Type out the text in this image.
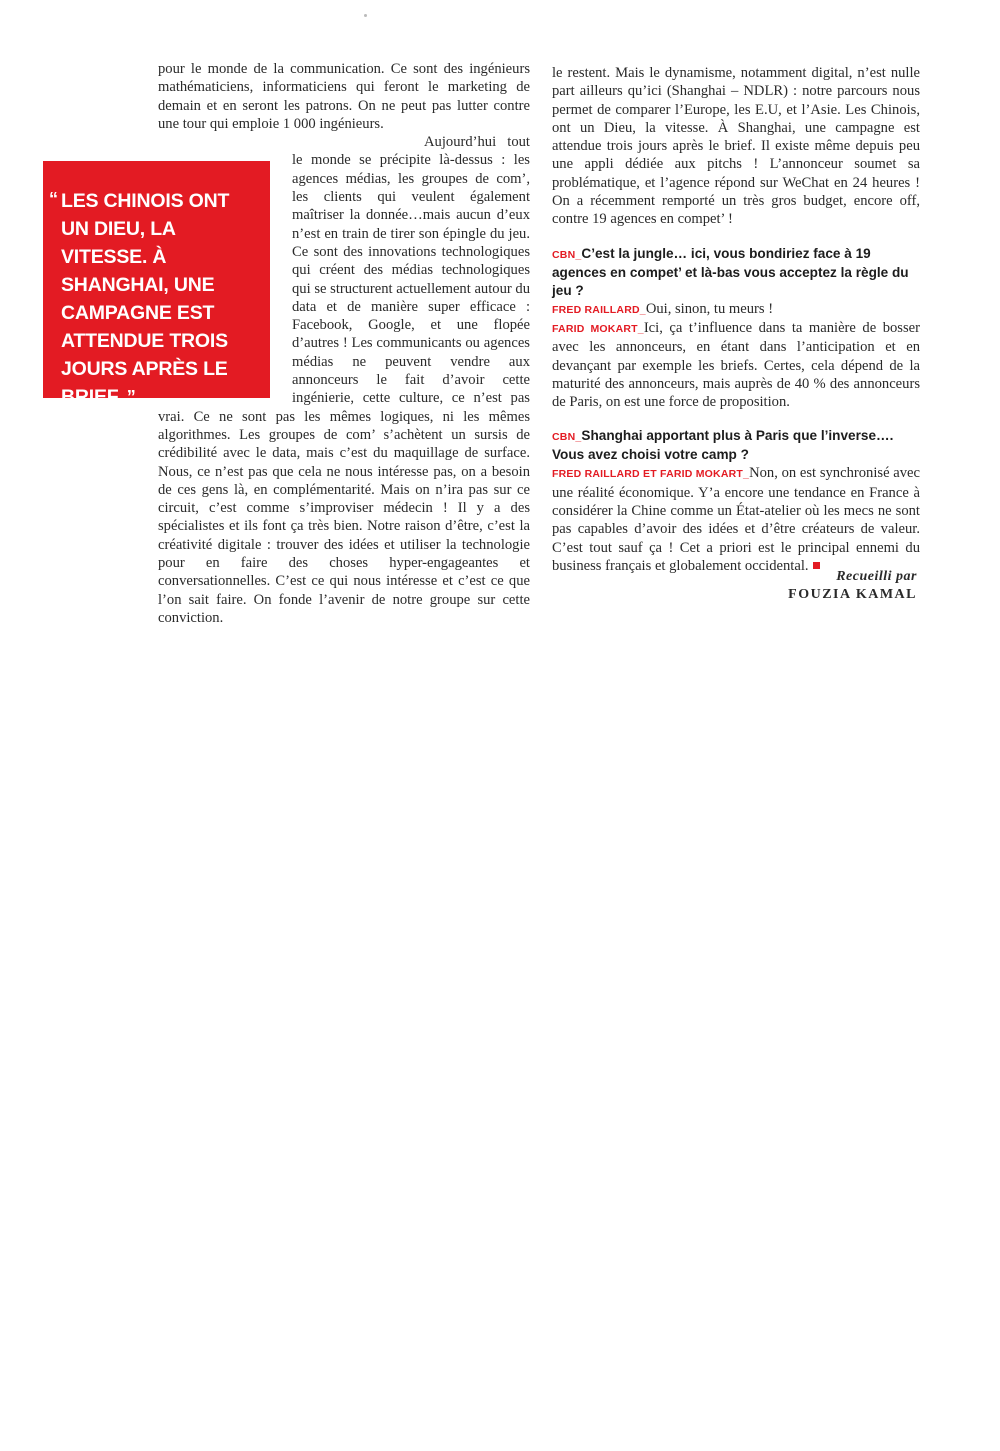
“ LES CHINOIS ONT UN DIEU, LA VITESSE. À SHANGHAI, UNE CAMPAGNE EST ATTENDUE TROIS JOURS APRÈS LE BRIEF. ”

pour le monde de la communication. Ce sont des ingénieurs mathématiciens, informaticiens qui feront le marketing de demain et en seront les patrons. On ne peut pas lutter contre une tour qui emploie 1 000 ingénieurs.

Aujourd’hui tout le monde se précipite là-dessus : les agences médias, les groupes de com’, les clients qui veulent également maîtriser la donnée…mais aucun d’eux n’est en train de tirer son épingle du jeu. Ce sont des innovations technologiques qui créent des médias technologiques qui se structurent actuellement autour du data et de manière super efficace : Facebook, Google, et une flopée d’autres ! Les communicants ou agences médias ne peuvent vendre aux annonceurs le fait d’avoir cette ingénierie, cette culture, ce n’est pas vrai. Ce ne sont pas les mêmes logiques, ni les mêmes algorithmes. Les groupes de com’ s’achètent un sursis de crédibilité avec le data, mais c’est du maquillage de surface. Nous, ce n’est pas que cela ne nous intéresse pas, on a besoin de ces gens là, en complémentarité. Mais on n’ira pas sur ce circuit, c’est comme s’improviser médecin ! Il y a des spécialistes et ils font ça très bien. Notre raison d’être, c’est la créativité digitale : trouver des idées et utiliser la technologie pour en faire des choses hyper-engageantes et conversationnelles. C’est ce qui nous intéresse et c’est ce que l’on sait faire. On fonde l’avenir de notre groupe sur cette conviction.

le restent. Mais le dynamisme, notamment digital, n’est nulle part ailleurs qu’ici (Shanghai – NDLR) : notre parcours nous permet de comparer l’Europe, les E.U, et l’Asie. Les Chinois, ont un Dieu, la vitesse. À Shanghai, une campagne est attendue trois jours après le brief. Il existe même depuis peu une appli dédiée aux pitchs ! L’annonceur soumet sa problématique, et l’agence répond sur WeChat en 24 heures ! On a récemment remporté un très gros budget, encore off, contre 19 agences en compet’ !

CBN_C’est la jungle… ici, vous bondiriez face à 19 agences en compet’ et là-bas vous acceptez la règle du jeu ?

FRED RAILLARD_Oui, sinon, tu meurs !

FARID MOKART_Ici, ça t’influence dans ta manière de bosser avec les annonceurs, en étant dans l’anticipation et en devançant par exemple les briefs. Certes, cela dépend de la maturité des annonceurs, mais auprès de 40 % des annonceurs de Paris, on est une force de proposition.

CBN_Shanghai apportant plus à Paris que l’inverse…. Vous avez choisi votre camp ?

FRED RAILLARD ET FARID MOKART_Non, on est synchronisé avec une réalité économique. Y’a encore une tendance en France à considérer la Chine comme un État-atelier où les mecs ne sont pas capables d’avoir des idées et d’être créateurs de valeur. C’est tout sauf ça ! Cet a priori est le principal ennemi du business français et globalement occidental.

Recueilli par
FOUZIA KAMAL
